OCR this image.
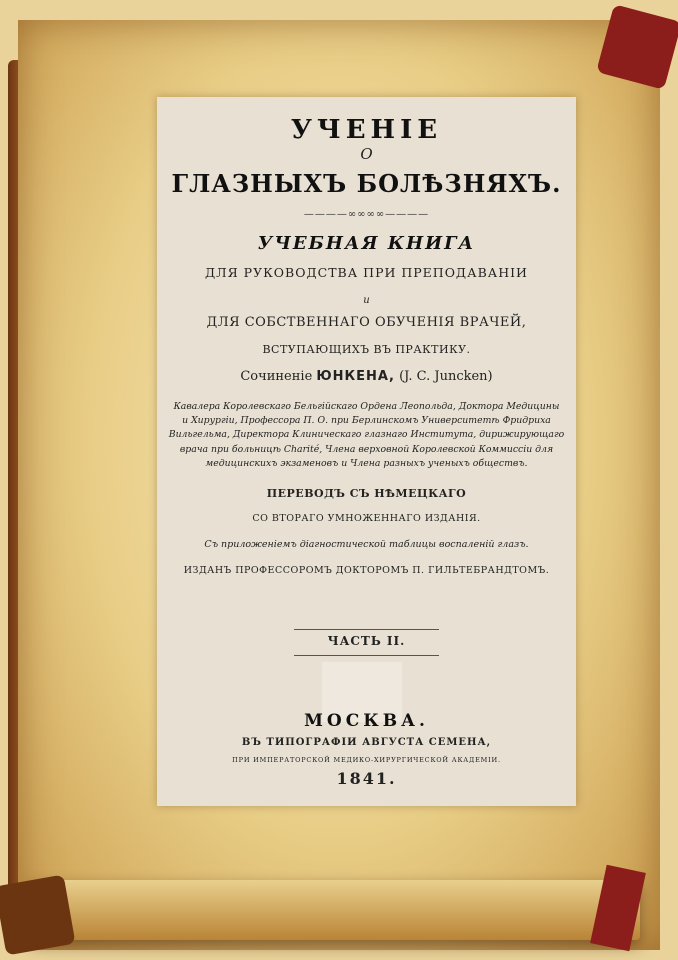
УЧЕНІЕ
О
ГЛАЗНЫХЪ БОЛѢЗНЯХЪ.
————∞∞∞∞————
УЧЕБНАЯ КНИГА
ДЛЯ РУКОВОДСТВА ПРИ ПРЕПОДАВАНІИ
и
ДЛЯ СОБСТВЕННАГО ОБУЧЕНІЯ ВРАЧЕЙ,
ВСТУПАЮЩИХЪ ВЪ ПРАКТИКУ.
Сочиненіе ЮНКЕНА, (J. C. Juncken)
Кавалера Королевскаго Бельгійскаго Ордена Леопольда, Доктора Медицины
и Хирургіи, Профессора П. О. при Берлинскомъ Университетѣ Фридриха
Вильгельма, Директора Клиническаго глазнаго Института, дирижирующаго
врача при больницѣ Charité, Члена верховной Королевской Коммиссіи для
медицинскихъ экзаменовъ и Члена разныхъ ученыхъ обществъ.
ПЕРЕВОДЪ СЪ НѢМЕЦКАГО
СО ВТОРАГО УМНОЖЕННАГО ИЗДАНІЯ.
Съ приложеніемъ діагностической таблицы воспаленій глазъ.
ИЗДАНЪ ПРОФЕССОРОМЪ ДОКТОРОМЪ П. ГИЛЬТЕБРАНДТОМЪ.
ЧАСТЬ II.
МОСКВА.
ВЪ ТИПОГРАФІИ АВГУСТА СЕМЕНА,
ПРИ ИМПЕРАТОРСКОЙ МЕДИКО-ХИРУРГИЧЕСКОЙ АКАДЕМІИ.
1841.
